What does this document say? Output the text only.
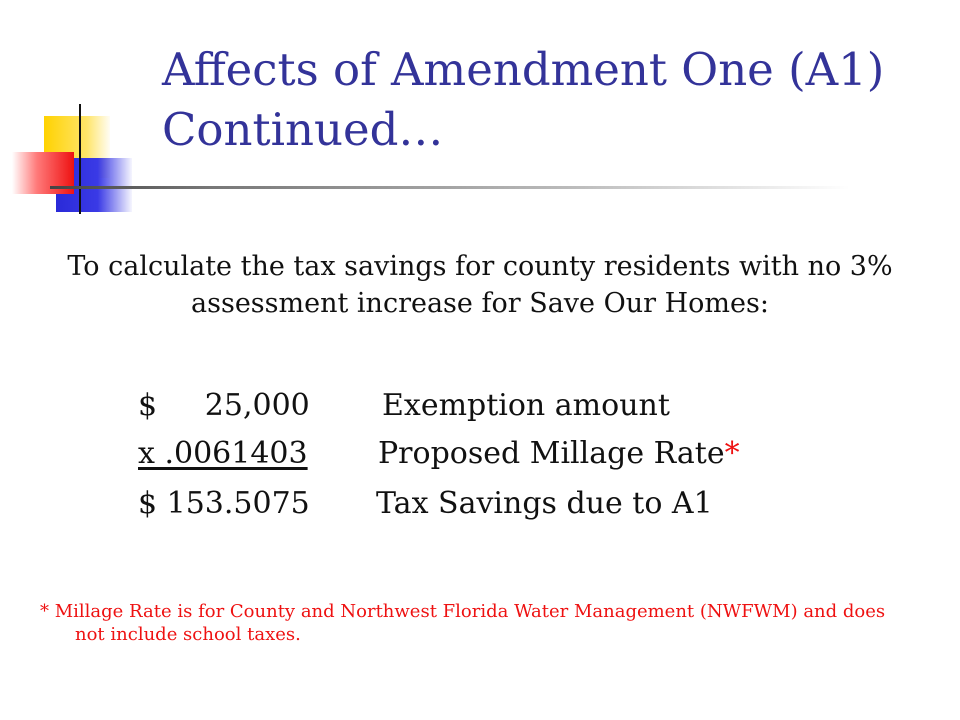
Affects of Amendment One (A1)
Continued…

To calculate the tax savings for county residents with no 3% assessment increase for Save Our Homes:

$     25,000 Exemption amount
x .0061403 Proposed Millage Rate*
$ 153.5075 Tax Savings due to A1

* Millage Rate is for County and Northwest Florida Water Management (NWFWM) and does not include school taxes.
